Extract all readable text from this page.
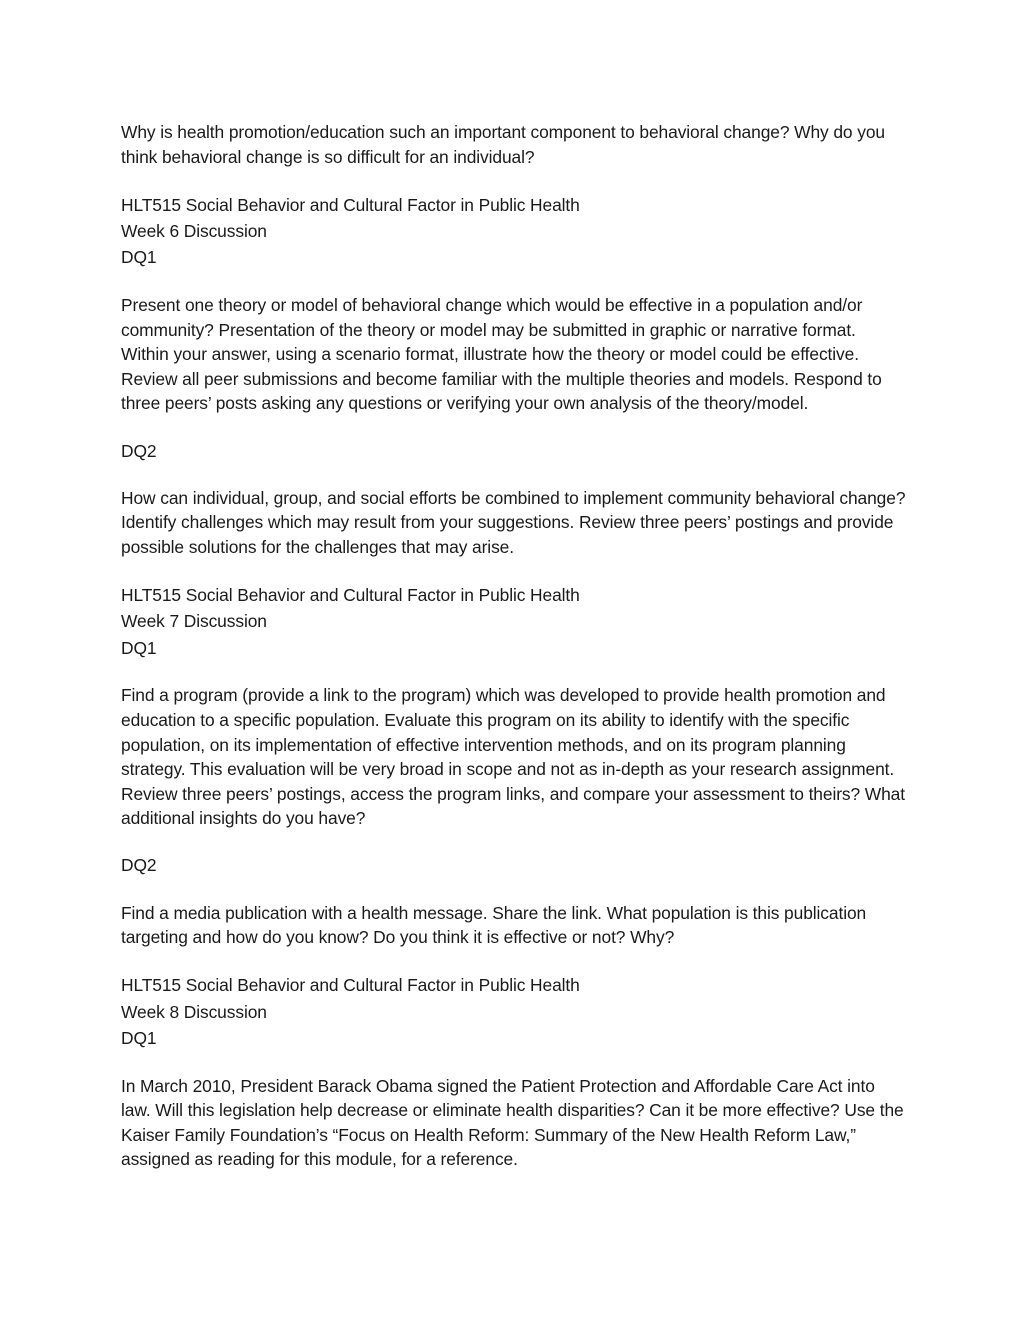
Why is health promotion/education such an important component to behavioral change? Why do you think behavioral change is so difficult for an individual?

HLT515 Social Behavior and Cultural Factor in Public Health
Week 6 Discussion
DQ1

Present one theory or model of behavioral change which would be effective in a population and/or community? Presentation of the theory or model may be submitted in graphic or narrative format. Within your answer, using a scenario format, illustrate how the theory or model could be effective. Review all peer submissions and become familiar with the multiple theories and models. Respond to three peers’ posts asking any questions or verifying your own analysis of the theory/model.

DQ2

How can individual, group, and social efforts be combined to implement community behavioral change? Identify challenges which may result from your suggestions. Review three peers’ postings and provide possible solutions for the challenges that may arise.

HLT515 Social Behavior and Cultural Factor in Public Health
Week 7 Discussion
DQ1

Find a program (provide a link to the program) which was developed to provide health promotion and education to a specific population. Evaluate this program on its ability to identify with the specific population, on its implementation of effective intervention methods, and on its program planning strategy. This evaluation will be very broad in scope and not as in-depth as your research assignment. Review three peers’ postings, access the program links, and compare your assessment to theirs? What additional insights do you have?

DQ2

Find a media publication with a health message. Share the link. What population is this publication targeting and how do you know? Do you think it is effective or not? Why?

HLT515 Social Behavior and Cultural Factor in Public Health
Week 8 Discussion
DQ1

In March 2010, President Barack Obama signed the Patient Protection and Affordable Care Act into law. Will this legislation help decrease or eliminate health disparities? Can it be more effective? Use the Kaiser Family Foundation’s “Focus on Health Reform: Summary of the New Health Reform Law,” assigned as reading for this module, for a reference.
